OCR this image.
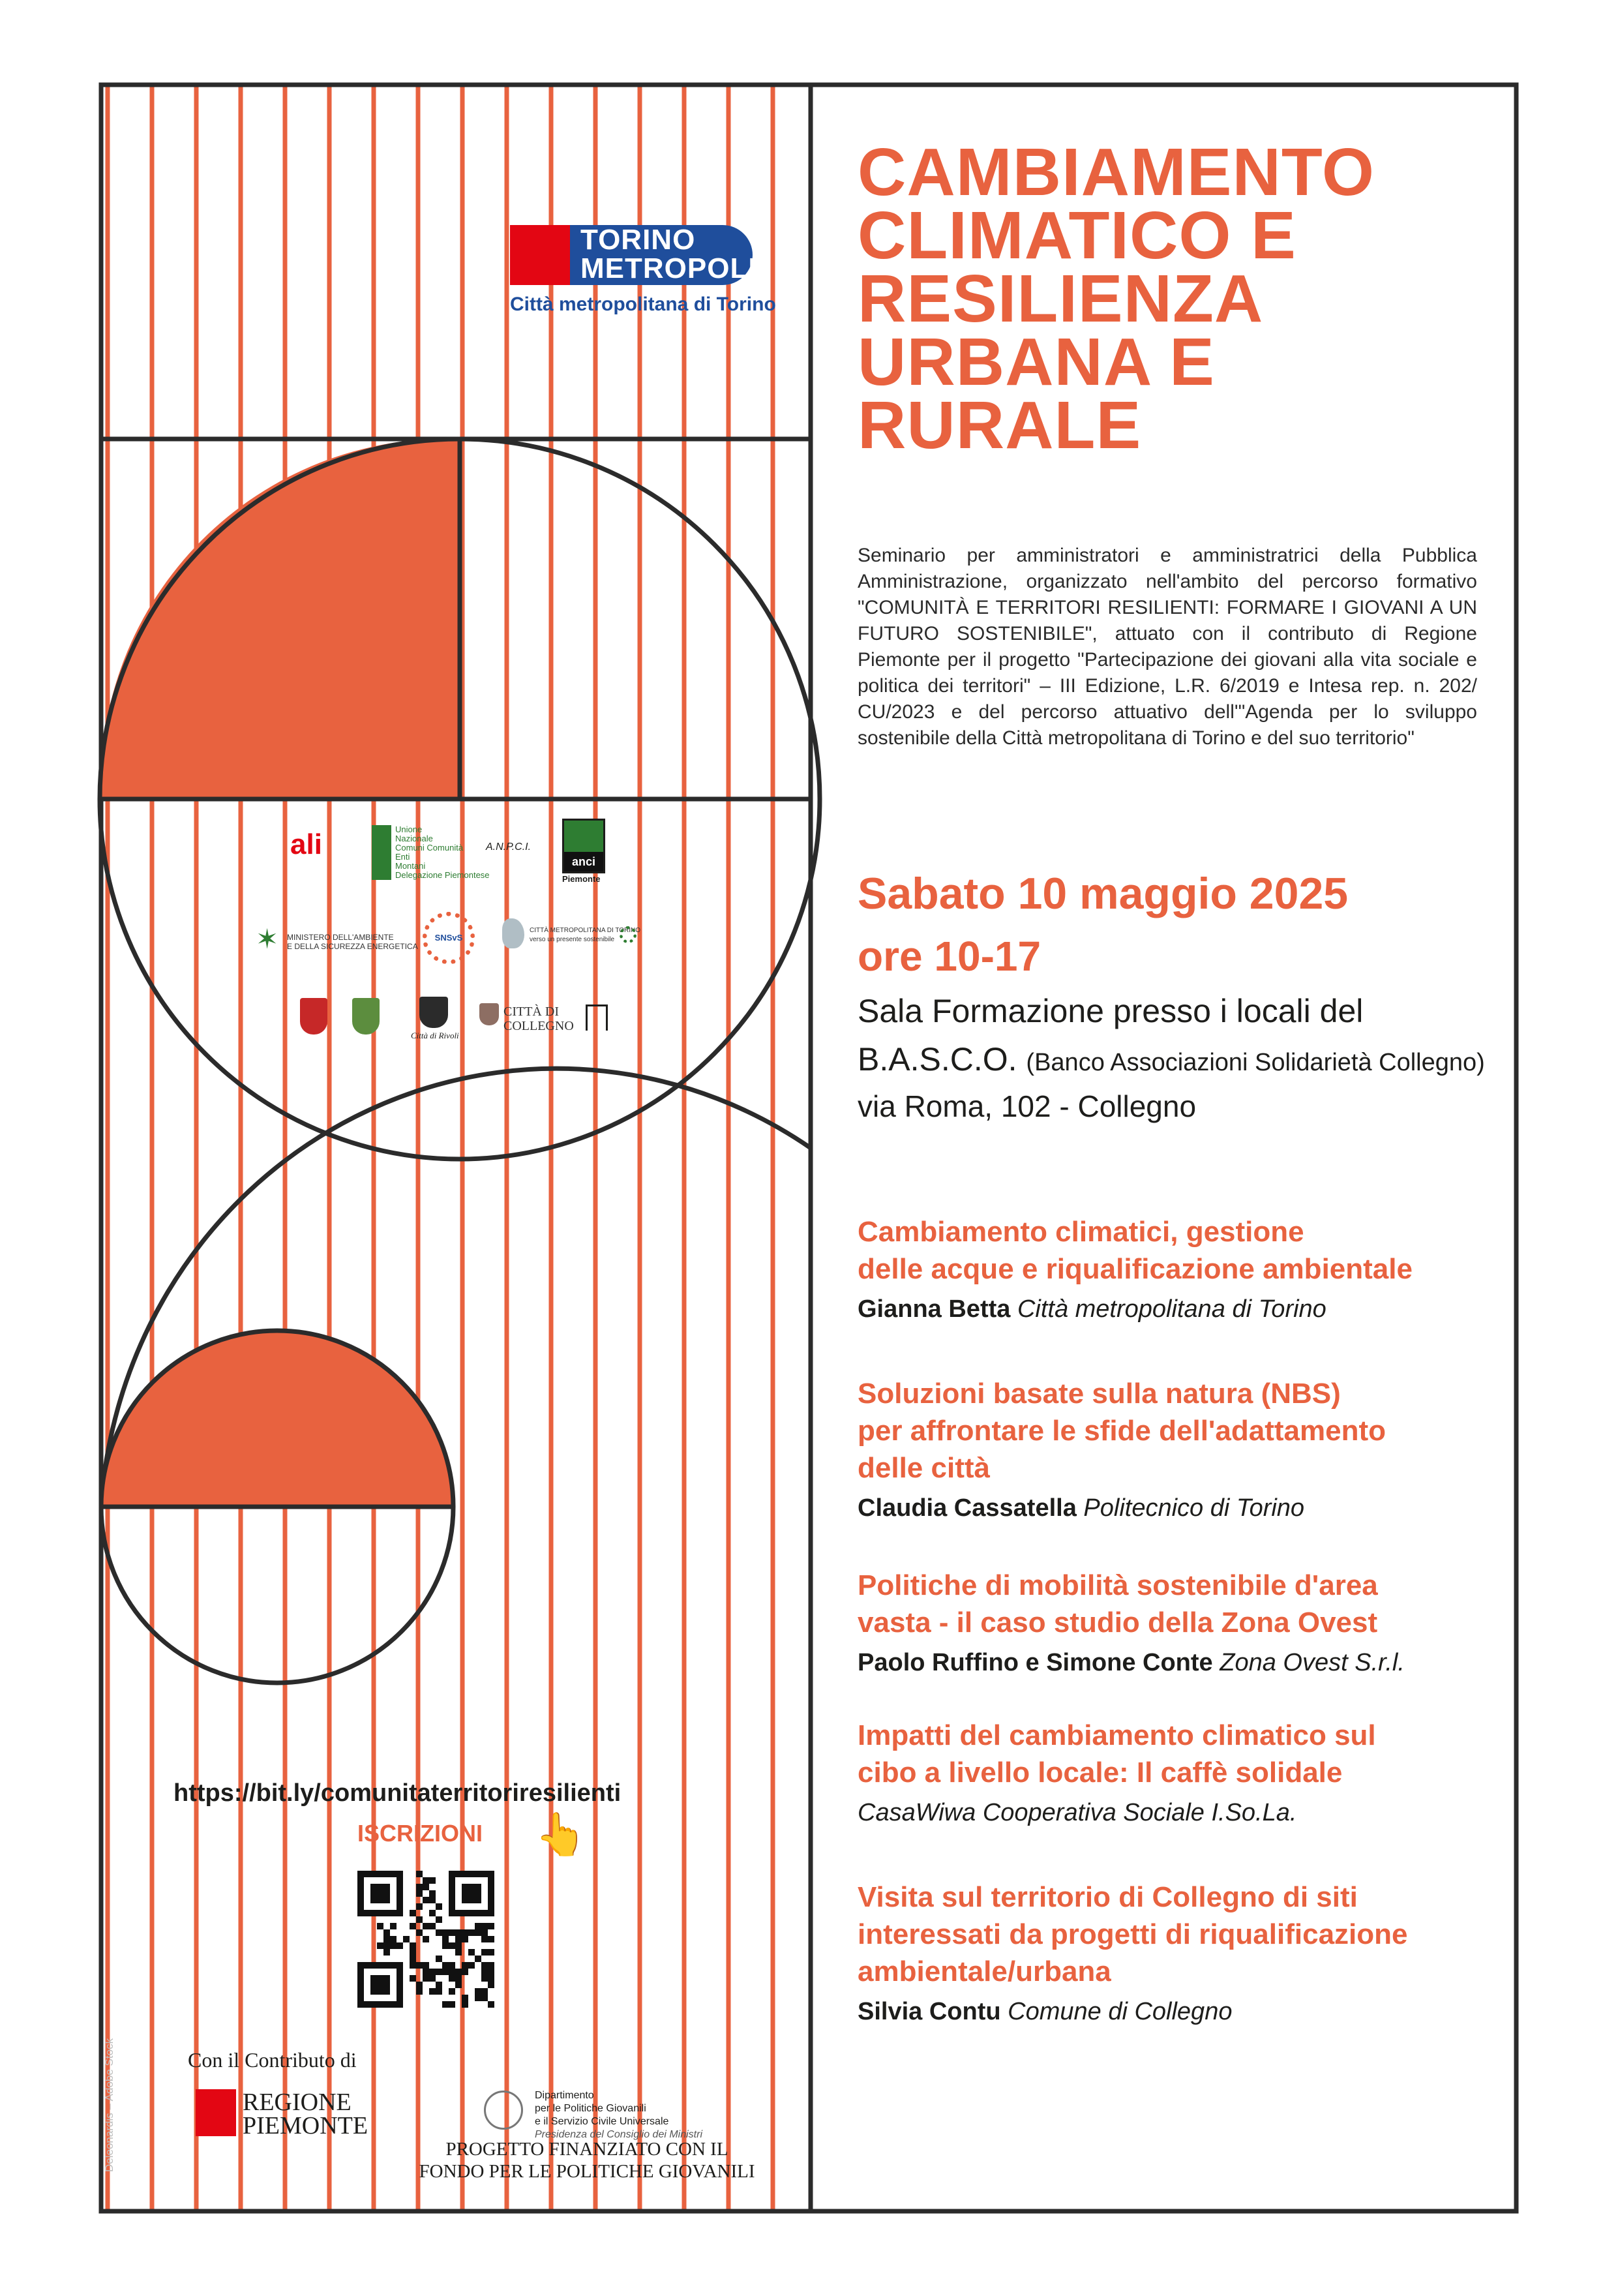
TORINO
METROPOLI
Città metropolitana di Torino
ali	Unione
Nazionale
Comuni Comunità
Enti
Montani
Delegazione Piemontese
A.N.P.C.I.
anci
Piemonte
✶ MINISTERO DELL'AMBIENTE
E DELLA SICUREZZA ENERGETICA
SNSvS
CITTÀ METROPOLITANA DI TORINO
verso un presente sostenibile
Città di Rivoli
CITTÀ DI
COLLEGNO
CAMBIAMENTO
CLIMATICO E
RESILIENZA
URBANA E
RURALE

Seminario per amministratori e amministratrici della Pubblica Amministrazione, organizzato nell'ambito del percorso formativo "COMUNITÀ E TERRITORI RESILIENTI: FORMARE I GIOVANI A UN FUTURO SOSTENIBILE", attuato con il contributo di Regione Piemonte per il progetto "Partecipazione dei giovani alla vita sociale e politica dei territori" – III Edizione, L.R. 6/2019 e Intesa rep. n. 202/ CU/2023 e del percorso attuativo dell'"Agenda per lo sviluppo sostenibile della Città metropolitana di Torino e del suo territorio"

Sabato 10 maggio 2025
ore 10-17
Sala Formazione presso i locali del
B.A.S.C.O. (Banco Associazioni Solidarietà Collegno)
via Roma, 102 - Collegno

Cambiamento climatici, gestione
delle acque e riqualificazione ambientale

Gianna Betta Città metropolitana di Torino

Soluzioni basate sulla natura (NBS)
per affrontare le sfide dell'adattamento
delle città

Claudia Cassatella Politecnico di Torino

Politiche di mobilità sostenibile d'area
vasta - il caso studio della Zona Ovest

Paolo Ruffino e Simone Conte Zona Ovest S.r.l.

Impatti del cambiamento climatico sul
cibo a livello locale: Il caffè solidale

CasaWiwa Cooperativa Sociale I.So.La.

Visita sul territorio di Collegno di siti
interessati da progetti di riqualificazione
ambientale/urbana

Silvia Contu Comune di Collegno

https://bit.ly/comunitaterritoriresilienti
ISCRIZIONI 👆
Con il Contributo di
REGIONE
PIEMONTE
Dipartimento
per le Politiche Giovanili
e il Servizio Civile Universale
Presidenza del Consiglio dei Ministri
PROGETTO FINANZIATO CON IL
FONDO PER LE POLITICHE GIOVANILI
Deleonardis – Adobe Stock
